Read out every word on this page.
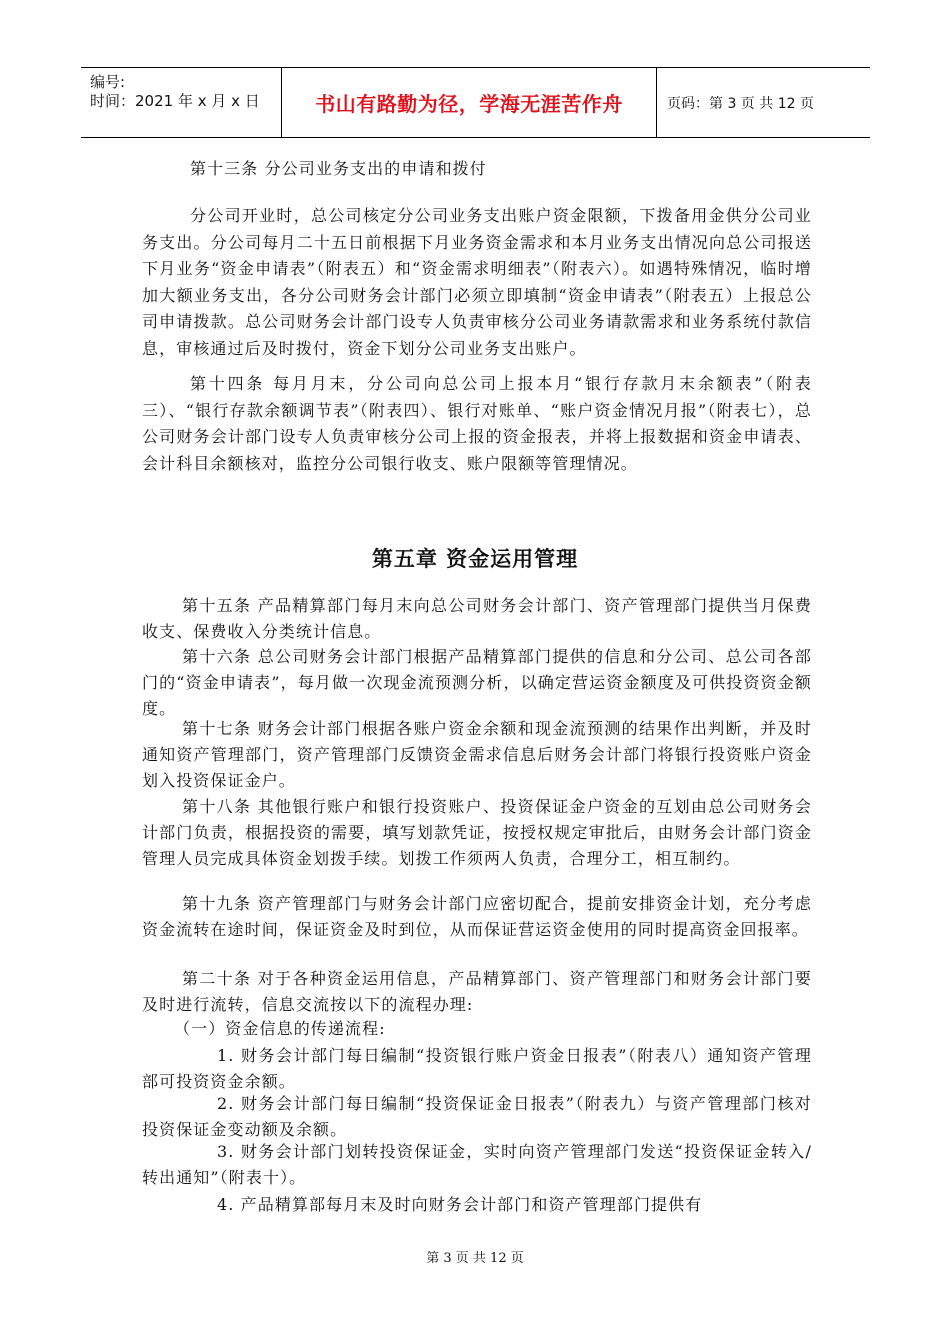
编号:
时间：2021 年 x 月 x 日	书山有路勤为径，学海无涯苦作舟	页码：第 3 页 共 12 页

第十三条 分公司业务支出的申请和拨付

分公司开业时，总公司核定分公司业务支出账户资金限额，下拨备用金供分公司业务支出。分公司每月二十五日前根据下月业务资金需求和本月业务支出情况向总公司报送下月业务“资金申请表”（附表五）和“资金需求明细表”（附表六）。如遇特殊情况，临时增加大额业务支出，各分公司财务会计部门必须立即填制“资金申请表”（附表五）上报总公司申请拨款。总公司财务会计部门设专人负责审核分公司业务请款需求和业务系统付款信息，审核通过后及时拨付，资金下划分公司业务支出账户。

第十四条 每月月末，分公司向总公司上报本月“银行存款月末余额表”（附表三）、“银行存款余额调节表”（附表四）、银行对账单、“账户资金情况月报”（附表七），总公司财务会计部门设专人负责审核分公司上报的资金报表，并将上报数据和资金申请表、会计科目余额核对，监控分公司银行收支、账户限额等管理情况。

第五章 资金运用管理

第十五条 产品精算部门每月末向总公司财务会计部门、资产管理部门提供当月保费收支、保费收入分类统计信息。

第十六条 总公司财务会计部门根据产品精算部门提供的信息和分公司、总公司各部门的“资金申请表”，每月做一次现金流预测分析，以确定营运资金额度及可供投资资金额度。

第十七条 财务会计部门根据各账户资金余额和现金流预测的结果作出判断，并及时通知资产管理部门，资产管理部门反馈资金需求信息后财务会计部门将银行投资账户资金划入投资保证金户。

第十八条 其他银行账户和银行投资账户、投资保证金户资金的互划由总公司财务会计部门负责，根据投资的需要，填写划款凭证，按授权规定审批后，由财务会计部门资金管理人员完成具体资金划拨手续。划拨工作须两人负责，合理分工，相互制约。

第十九条 资产管理部门与财务会计部门应密切配合，提前安排资金计划，充分考虑资金流转在途时间，保证资金及时到位，从而保证营运资金使用的同时提高资金回报率。

第二十条 对于各种资金运用信息，产品精算部门、资产管理部门和财务会计部门要及时进行流转，信息交流按以下的流程办理:

（一）资金信息的传递流程:

1. 财务会计部门每日编制“投资银行账户资金日报表”（附表八）通知资产管理部可投资资金余额。

2. 财务会计部门每日编制“投资保证金日报表”（附表九）与资产管理部门核对投资保证金变动额及余额。

3. 财务会计部门划转投资保证金，实时向资产管理部门发送“投资保证金转入/转出通知”（附表十）。

4. 产品精算部每月末及时向财务会计部门和资产管理部门提供有

第 3 页 共 12 页
